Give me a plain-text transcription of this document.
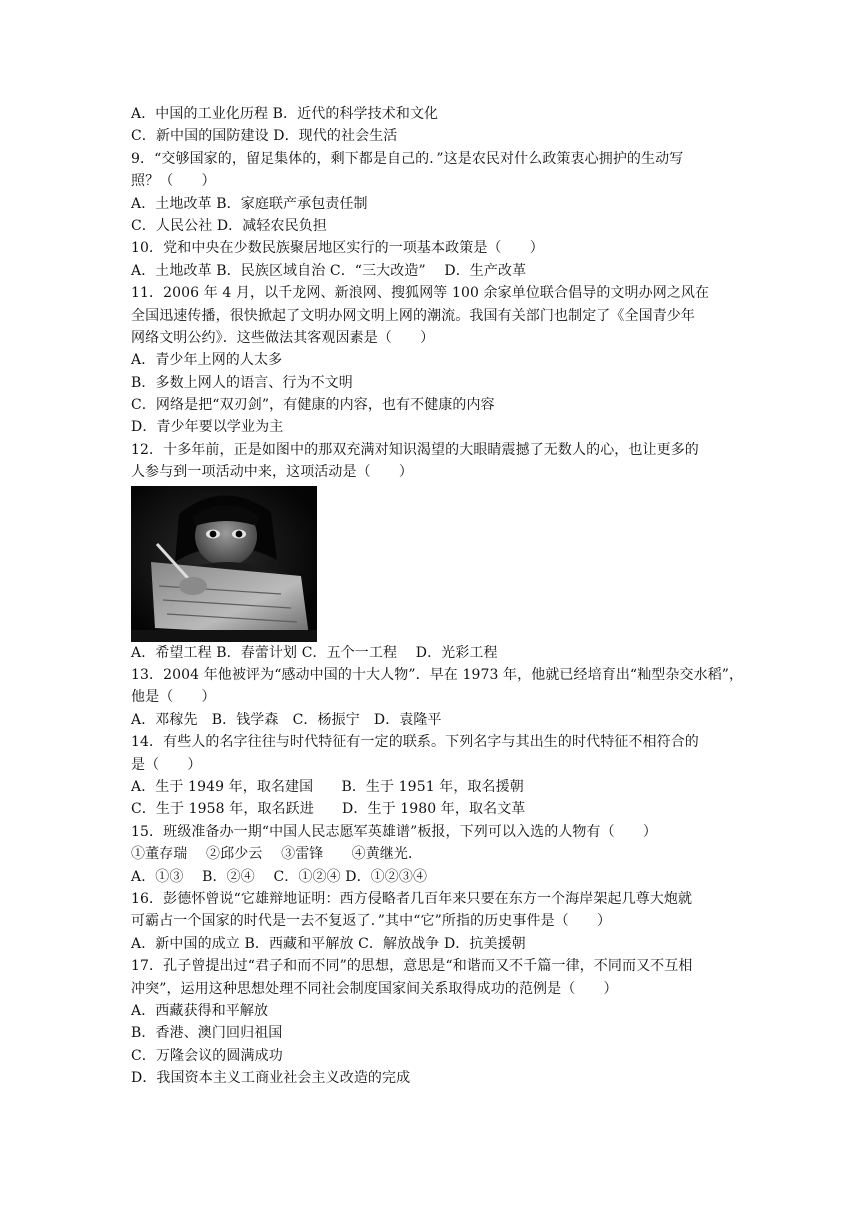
A．中国的工业化历程 B．近代的科学技术和文化
C．新中国的国防建设 D．现代的社会生活
9．“交够国家的，留足集体的，剩下都是自己的．”这是农民对什么政策衷心拥护的生动写
照？（　　）
A．土地改革 B．家庭联产承包责任制
C．人民公社 D．减轻农民负担
10．党和中央在少数民族聚居地区实行的一项基本政策是（　　）
A．土地改革 B．民族区域自治 C．“三大改造”　 D．生产改革
11．2006 年 4 月，以千龙网、新浪网、搜狐网等 100 余家单位联合倡导的文明办网之风在
全国迅速传播，很快掀起了文明办网文明上网的潮流。我国有关部门也制定了《全国青少年
网络文明公约》．这些做法其客观因素是（　　）
A．青少年上网的人太多
B．多数上网人的语言、行为不文明
C．网络是把“双刃剑”，有健康的内容，也有不健康的内容
D．青少年要以学业为主
12．十多年前，正是如图中的那双充满对知识渴望的大眼睛震撼了无数人的心，也让更多的
人参与到一项活动中来，这项活动是（　　）
A．希望工程 B．春蕾计划 C．五个一工程　 D．光彩工程
13．2004 年他被评为“感动中国的十大人物”．早在 1973 年，他就已经培育出“籼型杂交水稻”，
他是（　　）
A．邓稼先　B．钱学森　C．杨振宁　D．袁隆平
14．有些人的名字往往与时代特征有一定的联系。下列名字与其出生的时代特征不相符合的
是（　　）
A．生于 1949 年，取名建国　　B．生于 1951 年，取名援朝
C．生于 1958 年，取名跃进　　D．生于 1980 年，取名文革
15．班级准备办一期“中国人民志愿军英雄谱”板报，下列可以入选的人物有（　　）
①董存瑞　 ②邱少云　 ③雷锋　　④黄继光．
A．①③　 B．②④　 C．①②④ D．①②③④
16．彭德怀曾说“它雄辩地证明：西方侵略者几百年来只要在东方一个海岸架起几尊大炮就
可霸占一个国家的时代是一去不复返了．”其中“它”所指的历史事件是（　　）
A．新中国的成立 B．西藏和平解放 C．解放战争 D．抗美援朝
17．孔子曾提出过“君子和而不同”的思想，意思是“和谐而又不千篇一律，不同而又不互相
冲突”，运用这种思想处理不同社会制度国家间关系取得成功的范例是（　　）
A．西藏获得和平解放
B．香港、澳门回归祖国
C．万隆会议的圆满成功
D．我国资本主义工商业社会主义改造的完成
